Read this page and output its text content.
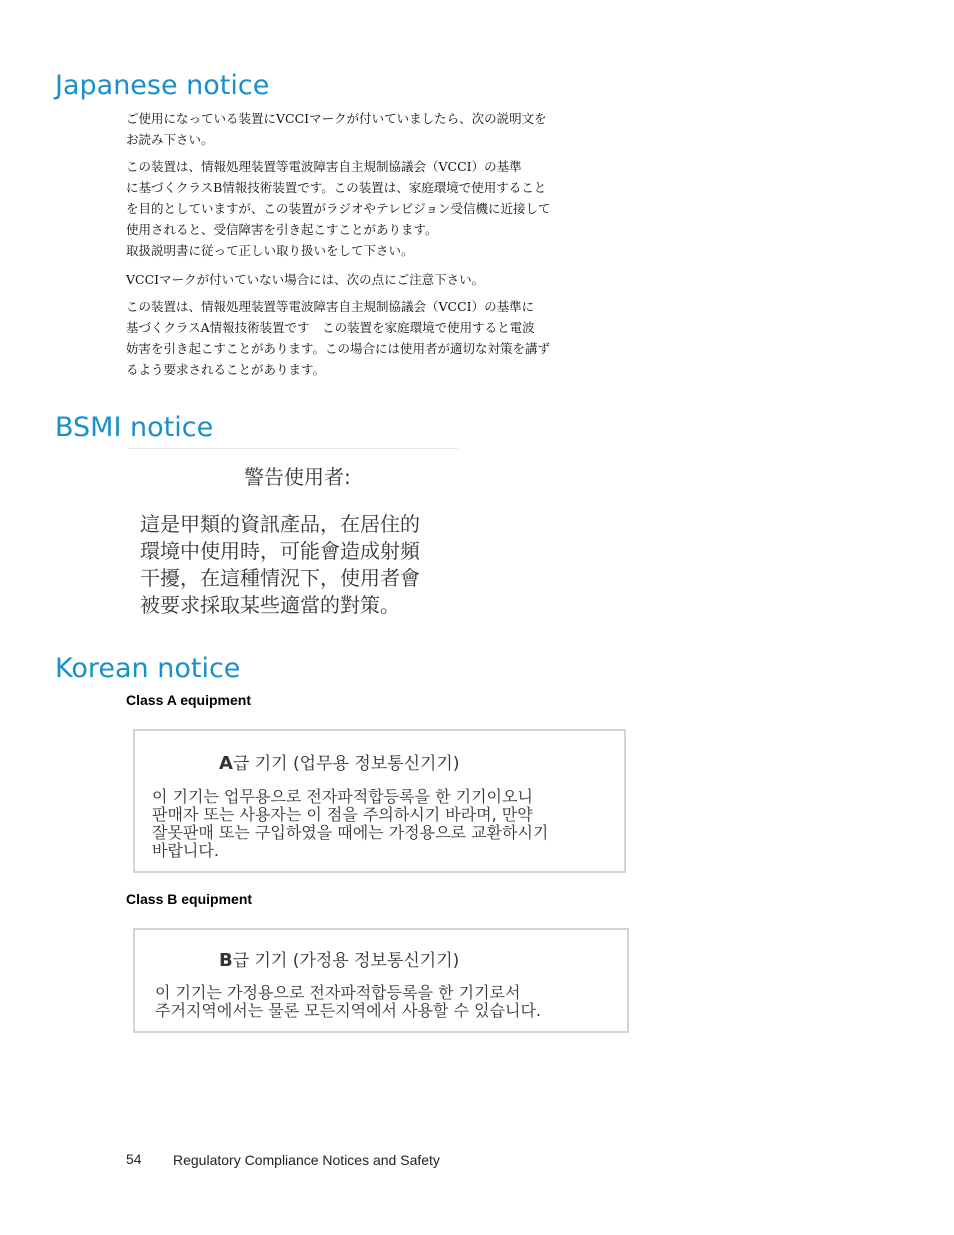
Japanese notice

ご使用になっている装置にVCCIマークが付いていましたら、次の説明文を

お読み下さい。

この装置は、情報処理装置等電波障害自主規制協議会（VCCI）の基準

に基づくクラスB情報技術装置です。この装置は、家庭環境で使用すること

を目的としていますが、この装置がラジオやテレビジョン受信機に近接して

使用されると、受信障害を引き起こすことがあります。

取扱説明書に従って正しい取り扱いをして下さい。

VCCIマークが付いていない場合には、次の点にご注意下さい。

この装置は、情報処理装置等電波障害自主規制協議会（VCCI）の基準に

基づくクラスA情報技術装置です　この装置を家庭環境で使用すると電波

妨害を引き起こすことがあります。この場合には使用者が適切な対策を講ず

るよう要求されることがあります。

BSMI notice
警告使用者:

這是甲類的資訊產品，在居住的

環境中使用時，可能會造成射頻

干擾，在這種情況下，使用者會

被要求採取某些適當的對策。

Korean notice
Class A equipment
A급 기기 (업무용 정보통신기기)

이 기기는 업무용으로 전자파적합등록을 한 기기이오니

판매자 또는 사용자는 이 점을 주의하시기 바라며, 만약

잘못판매 또는 구입하였을 때에는 가정용으로 교환하시기

바랍니다.

Class B equipment
B급 기기 (가정용 정보통신기기)

이 기기는 가정용으로 전자파적합등록을 한 기기로서

주거지역에서는 물론 모든지역에서 사용할 수 있습니다.

54 Regulatory Compliance Notices and Safety
